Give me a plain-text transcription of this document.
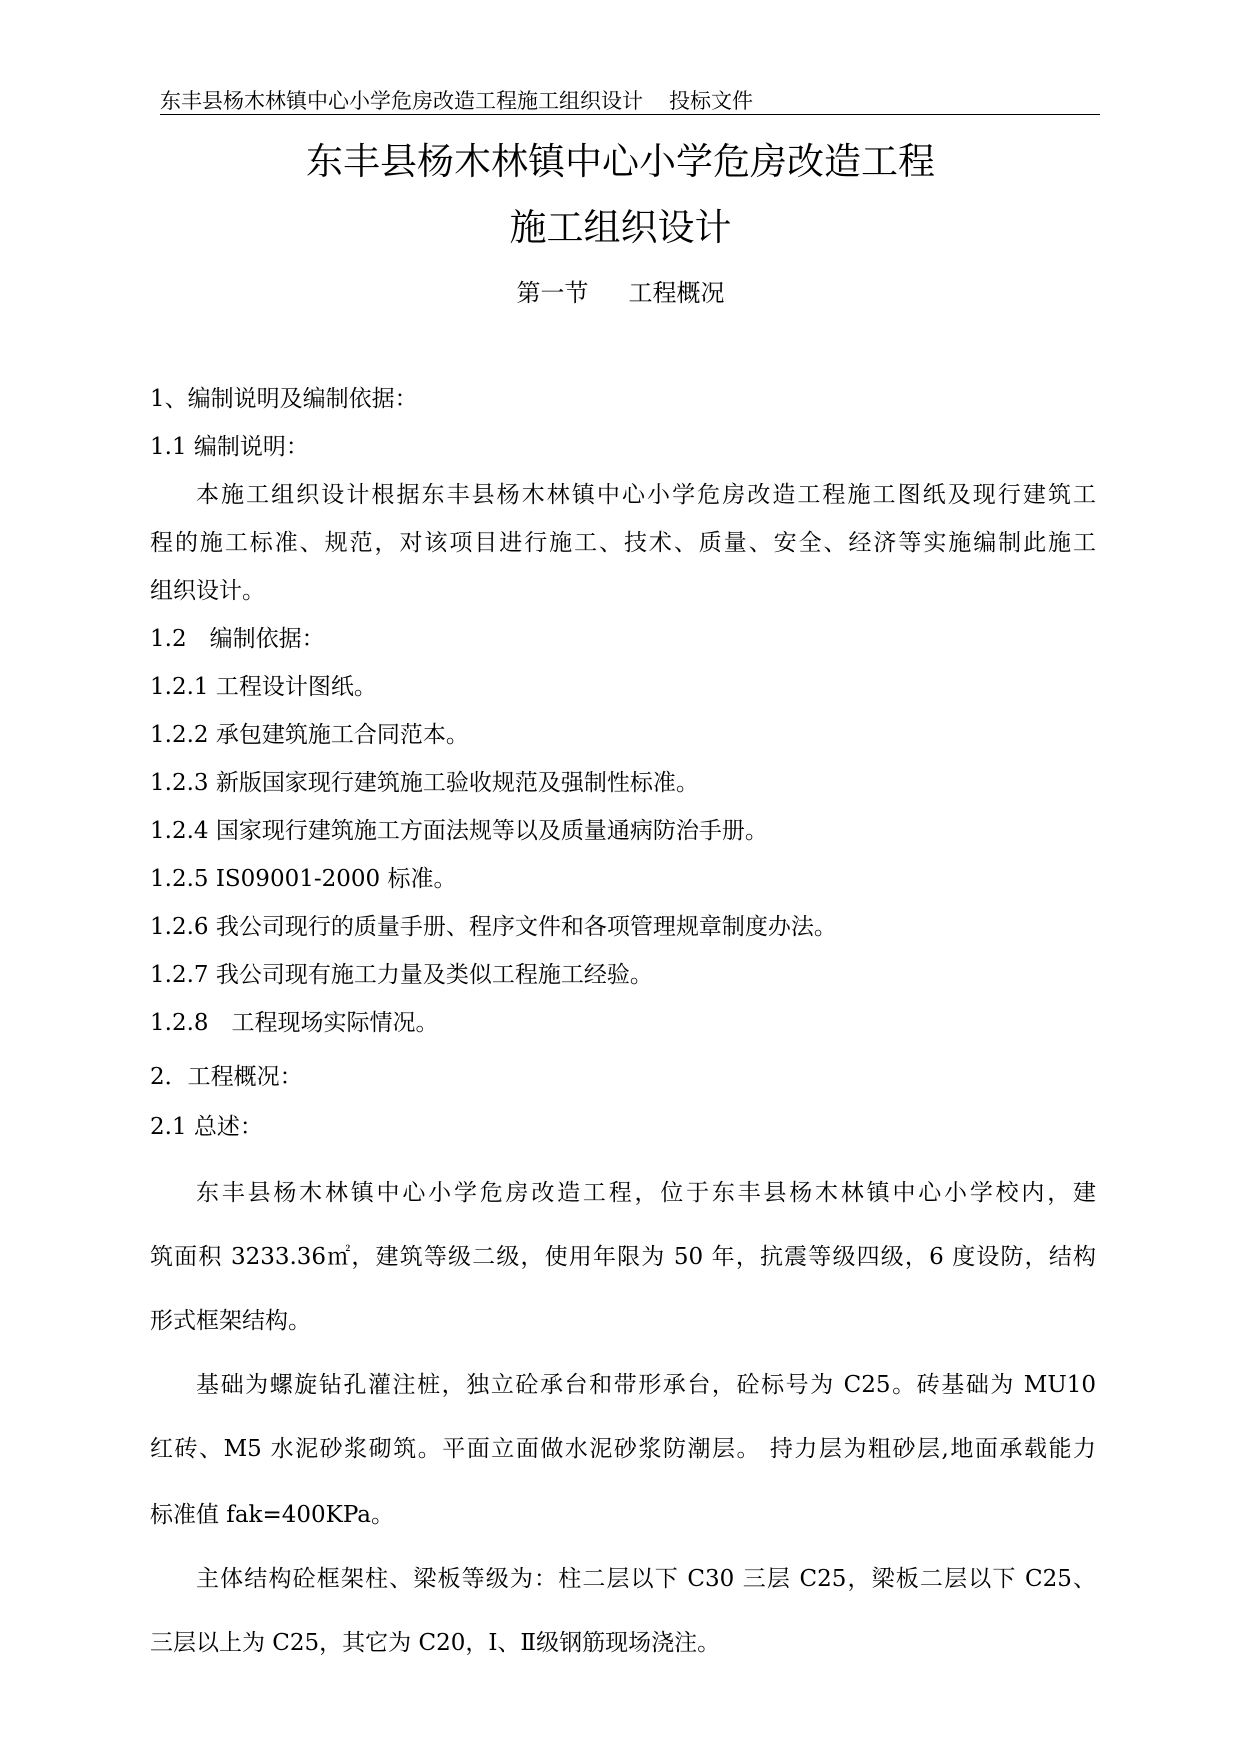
东丰县杨木林镇中心小学危房改造工程施工组织设计 投标文件
东丰县杨木林镇中心小学危房改造工程
施工组织设计
第一节 工程概况
1、编制说明及编制依据：
1.1 编制说明：
本施工组织设计根据东丰县杨木林镇中心小学危房改造工程施工图纸及现行建筑工
程的施工标准、规范，对该项目进行施工、技术、质量、安全、经济等实施编制此施工
组织设计。
1.2　编制依据：
1.2.1 工程设计图纸。
1.2.2 承包建筑施工合同范本。
1.2.3 新版国家现行建筑施工验收规范及强制性标准。
1.2.4 国家现行建筑施工方面法规等以及质量通病防治手册。
1.2.5 IS09001-2000 标准。
1.2.6 我公司现行的质量手册、程序文件和各项管理规章制度办法。
1.2.7 我公司现有施工力量及类似工程施工经验。
1.2.8　工程现场实际情况。
2．工程概况：
2.1 总述：
东丰县杨木林镇中心小学危房改造工程，位于东丰县杨木林镇中心小学校内，建
筑面积 3233.36㎡，建筑等级二级，使用年限为 50 年，抗震等级四级，6 度设防，结构
形式框架结构。
基础为螺旋钻孔灌注桩，独立砼承台和带形承台，砼标号为 C25。砖基础为 MU10
红砖、M5 水泥砂浆砌筑。平面立面做水泥砂浆防潮层。 持力层为粗砂层,地面承载能力
标准值 fak=400KPa。
主体结构砼框架柱、梁板等级为：柱二层以下 C30 三层 C25，梁板二层以下 C25、
三层以上为 C25，其它为 C20，Ⅰ、Ⅱ级钢筋现场浇注。
